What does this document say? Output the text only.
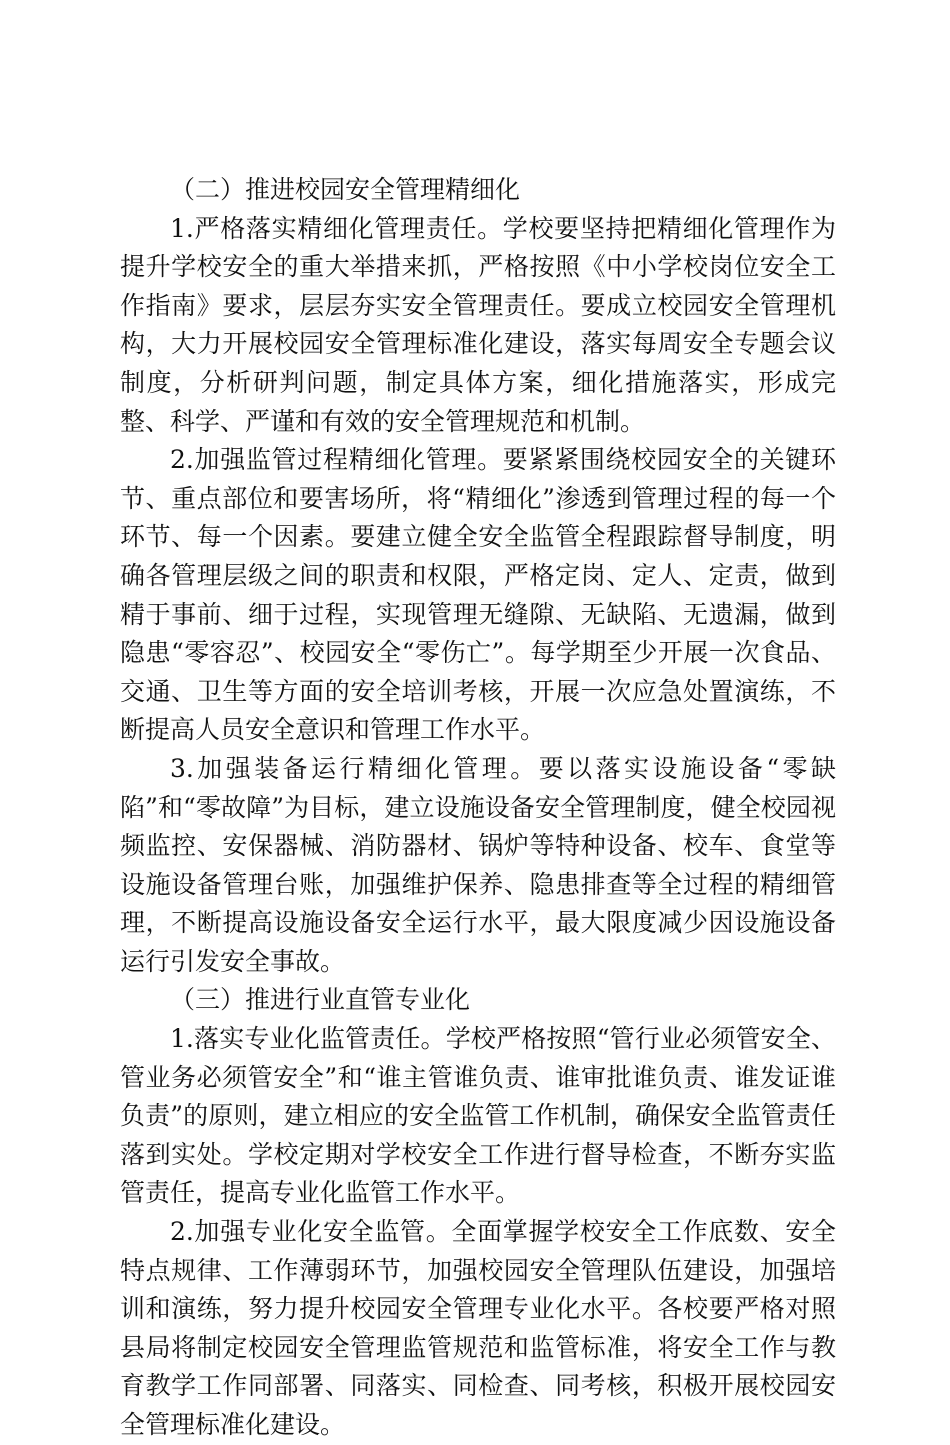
（二）推进校园安全管理精细化

1.严格落实精细化管理责任。学校要坚持把精细化管理作为提升学校安全的重大举措来抓，严格按照《中小学校岗位安全工作指南》要求，层层夯实安全管理责任。要成立校园安全管理机构，大力开展校园安全管理标准化建设，落实每周安全专题会议制度，分析研判问题，制定具体方案，细化措施落实，形成完整、科学、严谨和有效的安全管理规范和机制。

2.加强监管过程精细化管理。要紧紧围绕校园安全的关键环节、重点部位和要害场所，将“精细化”渗透到管理过程的每一个环节、每一个因素。要建立健全安全监管全程跟踪督导制度，明确各管理层级之间的职责和权限，严格定岗、定人、定责，做到精于事前、细于过程，实现管理无缝隙、无缺陷、无遗漏，做到隐患“零容忍”、校园安全“零伤亡”。每学期至少开展一次食品、交通、卫生等方面的安全培训考核，开展一次应急处置演练，不断提高人员安全意识和管理工作水平。

3.加强装备运行精细化管理。要以落实设施设备“零缺陷”和“零故障”为目标，建立设施设备安全管理制度，健全校园视频监控、安保器械、消防器材、锅炉等特种设备、校车、食堂等设施设备管理台账，加强维护保养、隐患排查等全过程的精细管理，不断提高设施设备安全运行水平，最大限度减少因设施设备运行引发安全事故。

（三）推进行业直管专业化

1.落实专业化监管责任。学校严格按照“管行业必须管安全、管业务必须管安全”和“谁主管谁负责、谁审批谁负责、谁发证谁负责”的原则，建立相应的安全监管工作机制，确保安全监管责任落到实处。学校定期对学校安全工作进行督导检查，不断夯实监管责任，提高专业化监管工作水平。

2.加强专业化安全监管。全面掌握学校安全工作底数、安全特点规律、工作薄弱环节，加强校园安全管理队伍建设，加强培训和演练，努力提升校园安全管理专业化水平。各校要严格对照县局将制定校园安全管理监管规范和监管标准，将安全工作与教育教学工作同部署、同落实、同检查、同考核，积极开展校园安全管理标准化建设。
